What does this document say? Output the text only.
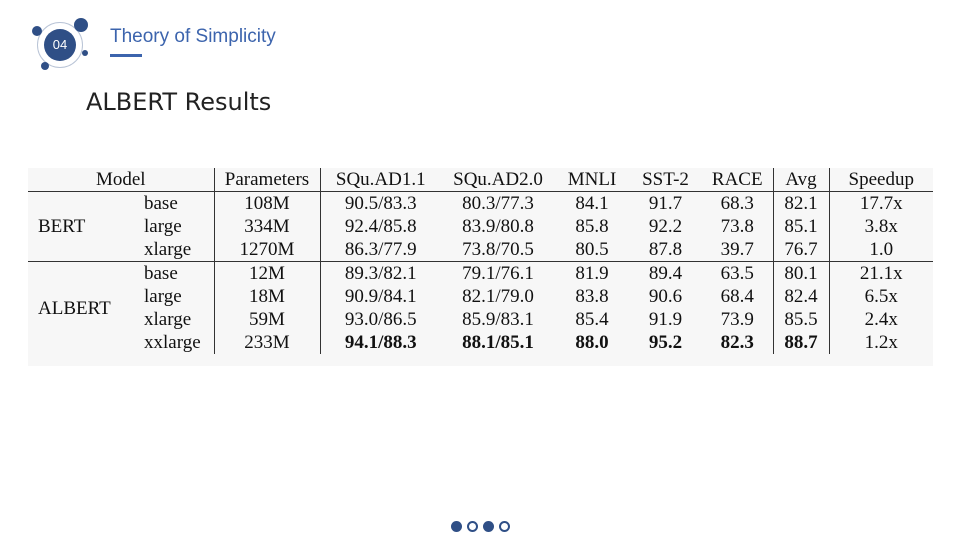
04	Theory of Simplicity
ALBERT Results
Model		Parameters	SQu.AD1.1	SQu.AD2.0	MNLI	SST-2	RACE	Avg	Speedup
BERT	base	108M	90.5/83.3	80.3/77.3	84.1	91.7	68.3	82.1	17.7x
	large	334M	92.4/85.8	83.9/80.8	85.8	92.2	73.8	85.1	3.8x
	xlarge	1270M	86.3/77.9	73.8/70.5	80.5	87.8	39.7	76.7	1.0
ALBERT	base	12M	89.3/82.1	79.1/76.1	81.9	89.4	63.5	80.1	21.1x
	large	18M	90.9/84.1	82.1/79.0	83.8	90.6	68.4	82.4	6.5x
	xlarge	59M	93.0/86.5	85.9/83.1	85.4	91.9	73.9	85.5	2.4x
	xxlarge	233M	94.1/88.3	88.1/85.1	88.0	95.2	82.3	88.7	1.2x
